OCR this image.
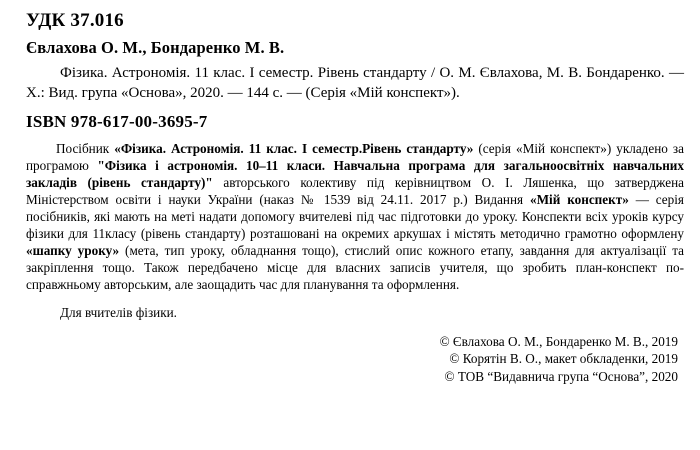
УДК 37.016
Євлахова О. М., Бондаренко М. В.
Фізика. Астрономія. 11 клас. І семестр. Рівень стандарту / О. М. Євлахова, М. В. Бондаренко. — Х.: Вид. група «Основа», 2020. — 144 с. — (Серія «Мій конспект»).
ISBN 978-617-00-3695-7
Посібник «Фізика. Астрономія. 11 клас. І семестр.Рівень стандарту» (серія «Мій конспект») укладено за програмою "Фізика і астрономія. 10–11 класи. Навчальна програма для загальноосвітніх навчальних закладів (рівень стандарту)" авторського колективу під керівництвом О. І. Ляшенка, що затверджена Міністерством освіти і науки України (наказ № 1539 від 24.11. 2017 р.) Видання «Мій конспект» — серія посібників, які мають на меті надати допомогу вчителеві під час підготовки до уроку. Конспекти всіх уроків курсу фізики для 11класу (рівень стандарту) розташовані на окремих аркушах і містять методично грамотно оформлену «шапку уроку» (мета, тип уроку, обладнання тощо), стислий опис кожного етапу, завдання для актуалізації та закріплення тощо. Також передбачено місце для власних записів учителя, що зробить план-конспект по-справжньому авторським, але заощадить час для планування та оформлення.
Для вчителів фізики.
© Євлахова О. М., Бондаренко М. В., 2019
© Корятін В. О., макет обкладенки, 2019
© ТОВ “Видавнича група “Основа”, 2020
